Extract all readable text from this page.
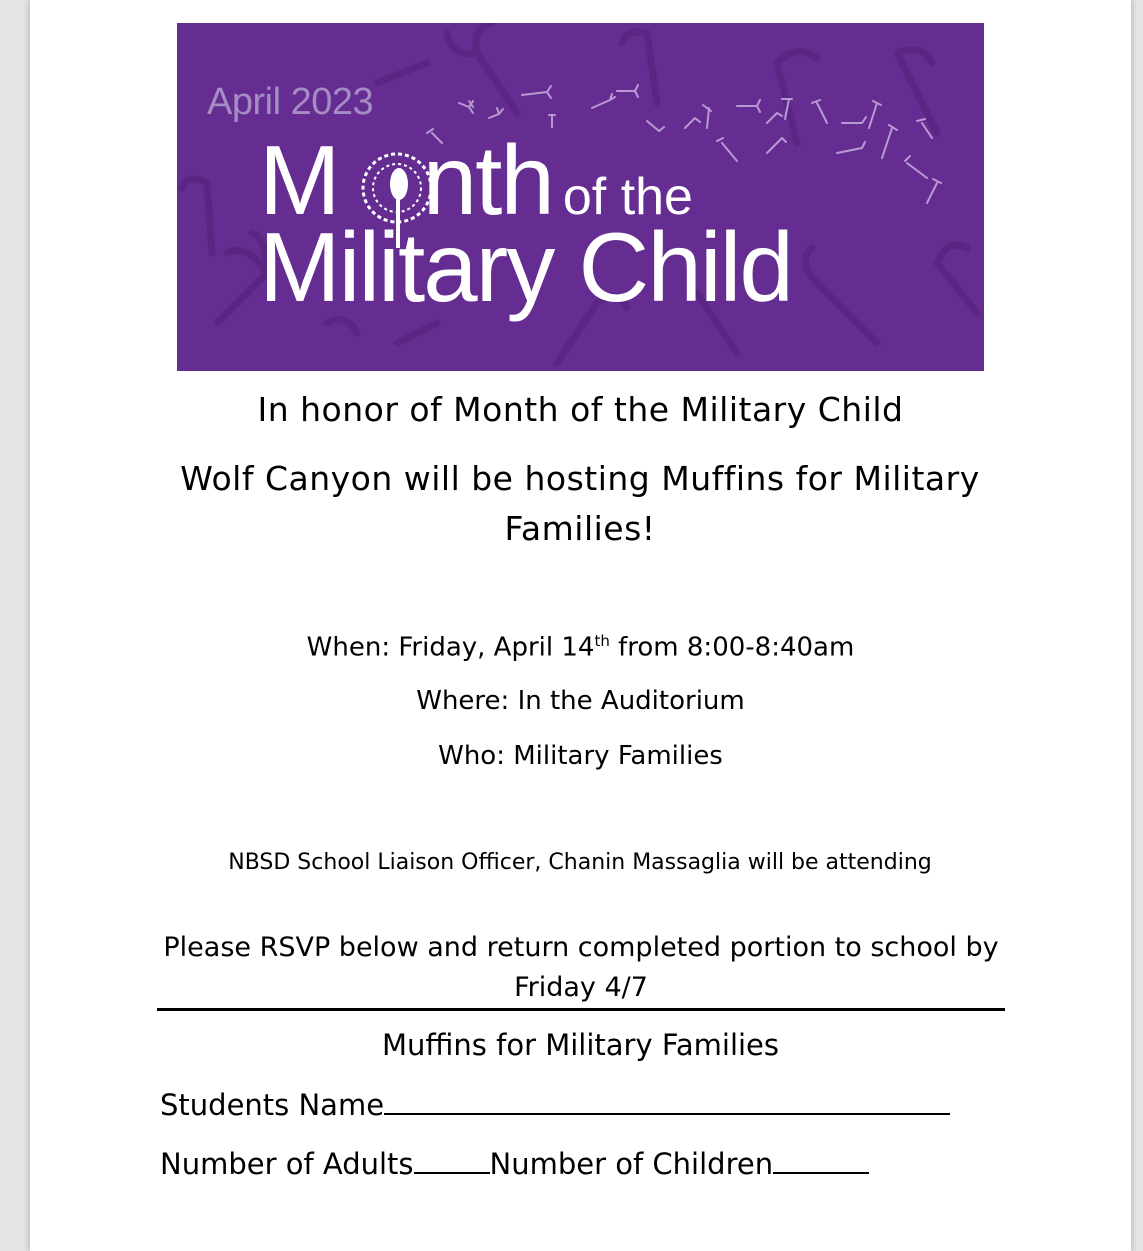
April 2023
M nth of the
Military Child
In honor of Month of the Military Child
Wolf Canyon will be hosting Muffins for Military Families!
When: Friday, April 14th from 8:00-8:40am
Where: In the Auditorium
Who: Military Families
NBSD School Liaison Officer, Chanin Massaglia will be attending
Please RSVP below and return completed portion to school by Friday 4/7
Muffins for Military Families
Students Name
Number of Adults	Number of Children
